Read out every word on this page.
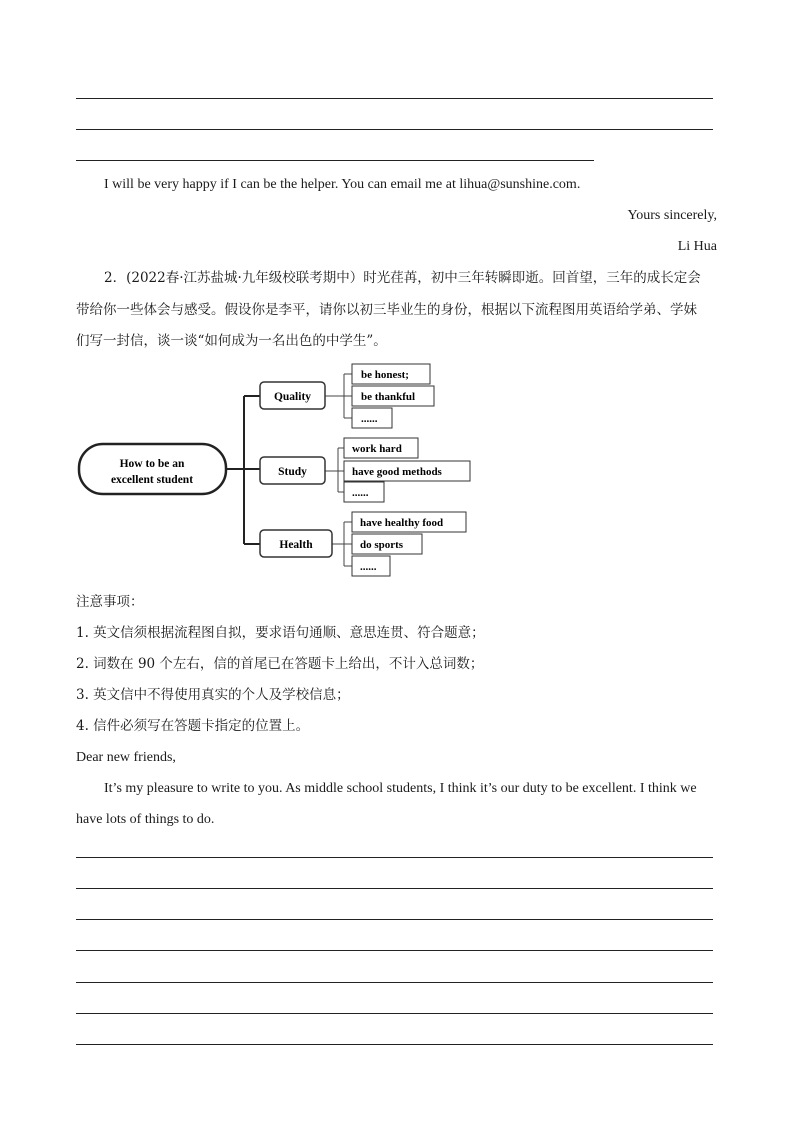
I will be very happy if I can be the helper. You can email me at lihua@sunshine.com.
Yours sincerely,
Li Hua
2．(2022春·江苏盐城·九年级校联考期中）时光荏苒，初中三年转瞬即逝。回首望，三年的成长定会
带给你一些体会与感受。假设你是李平，请你以初三毕业生的身份，根据以下流程图用英语给学弟、学妹
们写一封信，谈一谈“如何成为一名出色的中学生”。
How to be an
excellent student
Quality
be honest;
be thankful
......
Study
work hard
have good methods
......
Health
have healthy food
do sports
......
注意事项：
1. 英文信须根据流程图自拟，要求语句通顺、意思连贯、符合题意；
2. 词数在 90 个左右，信的首尾已在答题卡上给出，不计入总词数；
3. 英文信中不得使用真实的个人及学校信息；
4. 信件必须写在答题卡指定的位置上。
Dear new friends,
It’s my pleasure to write to you. As middle school students, I think it’s our duty to be excellent. I think we
have lots of things to do.
